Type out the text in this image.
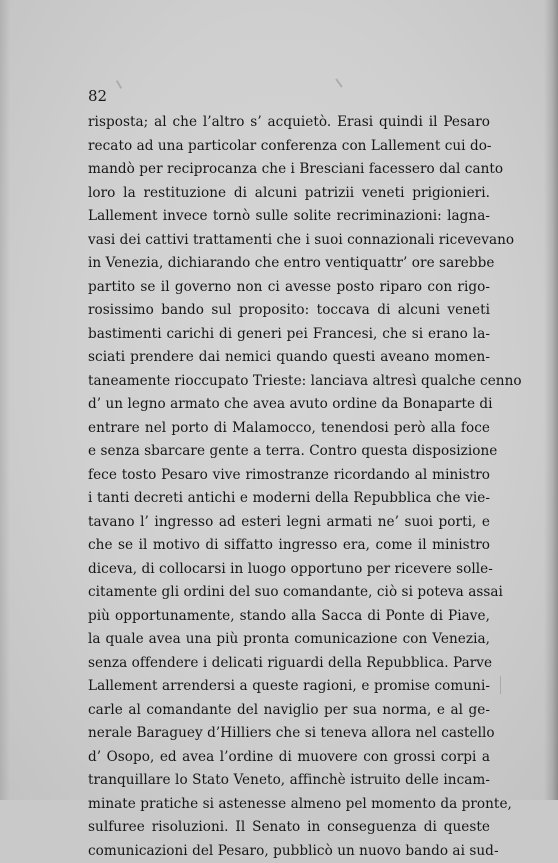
82
risposta; al che l’altro s’ acquietò. Erasi quindi il Pesaro
recato ad una particolar conferenza con Lallement cui do-
mandò per reciprocanza che i Bresciani facessero dal canto
loro la restituzione di alcuni patrizii veneti prigionieri.
Lallement invece tornò sulle solite recriminazioni: lagna-
vasi dei cattivi trattamenti che i suoi connazionali ricevevano
in Venezia, dichiarando che entro ventiquattr’ ore sarebbe
partito se il governo non ci avesse posto riparo con rigo-
rosissimo bando sul proposito: toccava di alcuni veneti
bastimenti carichi di generi pei Francesi, che si erano la-
sciati prendere dai nemici quando questi aveano momen-
taneamente rioccupato Trieste: lanciava altresì qualche cenno
d’ un legno armato che avea avuto ordine da Bonaparte di
entrare nel porto di Malamocco, tenendosi però alla foce
e senza sbarcare gente a terra. Contro questa disposizione
fece tosto Pesaro vive rimostranze ricordando al ministro
i tanti decreti antichi e moderni della Repubblica che vie-
tavano l’ ingresso ad esteri legni armati ne’ suoi porti, e
che se il motivo di siffatto ingresso era, come il ministro
diceva, di collocarsi in luogo opportuno per ricevere solle-
citamente gli ordini del suo comandante, ciò si poteva assai
più opportunamente, stando alla Sacca di Ponte di Piave,
la quale avea una più pronta comunicazione con Venezia,
senza offendere i delicati riguardi della Repubblica. Parve
Lallement arrendersi a queste ragioni, e promise comuni-
carle al comandante del naviglio per sua norma, e al ge-
nerale Baraguey d’Hilliers che si teneva allora nel castello
d’ Osopo, ed avea l’ordine di muovere con grossi corpi a
tranquillare lo Stato Veneto, affinchè istruito delle incam-
minate pratiche si astenesse almeno pel momento da pronte,
sulfuree risoluzioni. Il Senato in conseguenza di queste
comunicazioni del Pesaro, pubblicò un nuovo bando ai sud-
